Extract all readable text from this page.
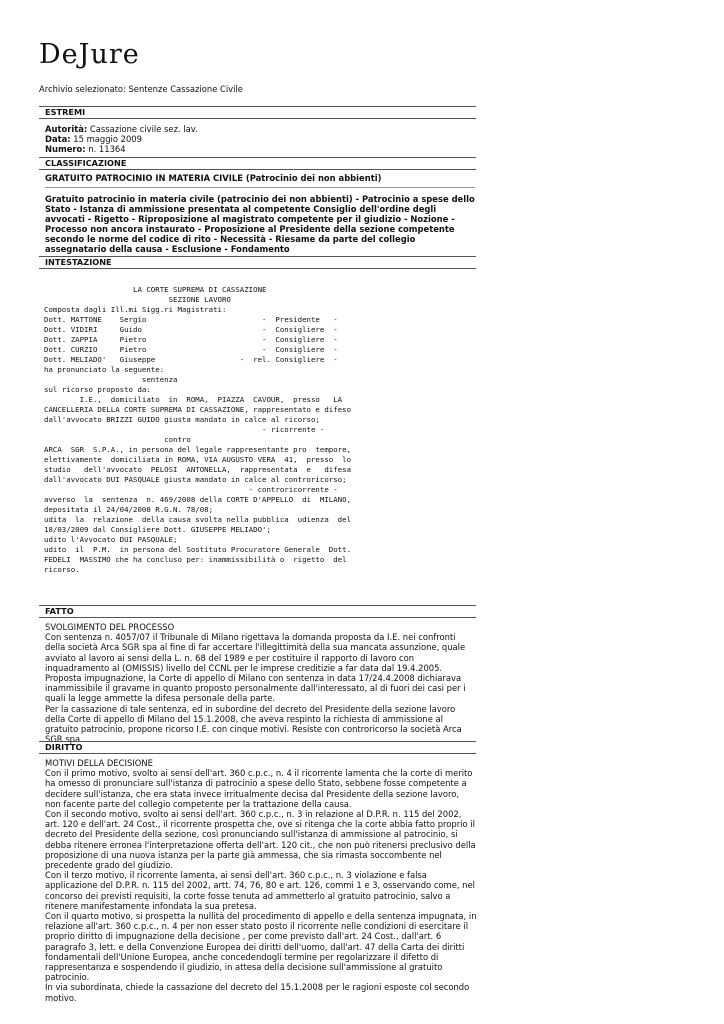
DeJure
Archivio selezionato: Sentenze Cassazione Civile
ESTREMI
Autorità: Cassazione civile sez. lav.
Data: 15 maggio 2009
Numero: n. 11364
CLASSIFICAZIONE
GRATUITO PATROCINIO IN MATERIA CIVILE (Patrocinio dei non abbienti)
Gratuito patrocinio in materia civile (patrocinio dei non abbienti) - Patrocinio a spese dello Stato - Istanza di ammissione presentata al competente Consiglio dell'ordine degli avvocati - Rigetto - Riproposizione al magistrato competente per il giudizio - Nozione - Processo non ancora instaurato - Proposizione al Presidente della sezione competente secondo le norme del codice di rito - Necessità - Riesame da parte del collegio assegnatario della causa - Esclusione - Fondamento
INTESTAZIONE
LA CORTE SUPREMA DI CASSAZIONE
SEZIONE LAVORO
Composta dagli Ill.mi Sigg.ri Magistrati:
Dott. MATTONE    Sergio                          -  Presidente   -
Dott. VIDIRI     Guido                           -  Consigliere  -
Dott. ZAPPIA     Pietro                          -  Consigliere  -
Dott. CURZIO     Pietro                          -  Consigliere  -
Dott. MELIADO'   Giuseppe                   -  rel. Consigliere  -
ha pronunciato la seguente:
sentenza
sul ricorso proposto da:
I.E.,  domiciliato  in  ROMA,  PIAZZA  CAVOUR,  presso   LA
CANCELLERIA DELLA CORTE SUPREMA DI CASSAZIONE, rappresentato e difeso
dall'avvocato BRIZZI GUIDO giusta mandato in calce al ricorso;
- ricorrente -
contro
ARCA  SGR  S.P.A., in persona del legale rappresentante pro  tempore,
elettivamente  domiciliata in ROMA, VIA AUGUSTO VERA  41,  presso  lo
studio   dell'avvocato  PELOSI  ANTONELLA,  rappresentata  e   difesa
dall'avvocato DUI PASQUALE giusta mandato in calce al controricorso;
- controricorrente -
avverso  la  sentenza  n. 469/2008 della CORTE D'APPELLO  di  MILANO,
depositata il 24/04/2008 R.G.N. 78/08;
udita  la  relazione  della causa svolta nella pubblica  udienza  del
18/03/2009 dal Consigliere Dott. GIUSEPPE MELIADO';
udito l'Avvocato DUI PASQUALE;
udito  il  P.M.  in persona del Sostituto Procuratore Generale  Dott.
FEDELI  MASSIMO che ha concluso per: inammissibilità o  rigetto  del
ricorso.
FATTO

SVOLGIMENTO DEL PROCESSO

Con sentenza n. 4057/07 il Tribunale di Milano rigettava la domanda proposta da I.E. nei confronti della società Arca SGR spa al fine di far accertare l'illegittimità della sua mancata assunzione, quale avviato al lavoro ai sensi della L. n. 68 del 1989 e per costituire il rapporto di lavoro con inquadramento al (OMISSIS) livello del CCNL per le imprese creditizie a far data dal 19.4.2005.

Proposta impugnazione, la Corte di appello di Milano con sentenza in data 17/24.4.2008 dichiarava inammissibile il gravame in quanto proposto personalmente dall'interessato, al di fuori dei casi per i quali la legge ammette la difesa personale della parte.

Per la cassazione di tale sentenza, ed in subordine del decreto del Presidente della sezione lavoro della Corte di appello di Milano del 15.1.2008, che aveva respinto la richiesta di ammissione al gratuito patrocinio, propone ricorso I.E. con cinque motivi. Resiste con controricorso la società Arca SGR spa.

DIRITTO

MOTIVI DELLA DECISIONE

Con il primo motivo, svolto ai sensi dell'art. 360 c.p.c., n. 4 il ricorrente lamenta che la corte di merito ha omesso di pronunciare sull'istanza di patrocinio a spese dello Stato, sebbene fosse competente a decidere sull'istanza, che era stata invece irritualmente decisa dal Presidente della sezione lavoro, non facente parte del collegio competente per la trattazione della causa.

Con il secondo motivo, svolto ai sensi dell'art. 360 c.p.c., n. 3 in relazione al D.P.R. n. 115 del 2002, art. 120 e dell'art. 24 Cost., il ricorrente prospetta che, ove si ritenga che la corte abbia fatto proprio il decreto del Presidente della sezione, così pronunciando sull'istanza di ammissione al patrocinio, si debba ritenere erronea l'interpretazione offerta dell'art. 120 cit., che non può ritenersi preclusivo della proposizione di una nuova istanza per la parte già ammessa, che sia rimasta soccombente nel precedente grado del giudizio.

Con il terzo motivo, il ricorrente lamenta, ai sensi dell'art. 360 c.p.c., n. 3 violazione e falsa applicazione del D.P.R. n. 115 del 2002, artt. 74, 76, 80 e art. 126, commi 1 e 3, osservando come, nel concorso dei previsti requisiti, la corte fosse tenuta ad ammetterlo al gratuito patrocinio, salvo a ritenere manifestamente infondata la sua pretesa.

Con il quarto motivo, si prospetta la nullità del procedimento di appello e della sentenza impugnata, in relazione all'art. 360 c.p.c., n. 4 per non esser stato posto il ricorrente nelle condizioni di esercitare il proprio diritto di impugnazione della decisione , per come previsto dall'art. 24 Cost., dall'art. 6 paragrafo 3, lett. e della Convenzione Europea dei diritti dell'uomo, dall'art. 47 della Carta dei diritti fondamentali dell'Unione Europea, anche concedendogli termine per regolarizzare il difetto di rappresentanza e sospendendo il giudizio, in attesa della decisione sull'ammissione al gratuito patrocinio.

In via subordinata, chiede la cassazione del decreto del 15.1.2008 per le ragioni esposte col secondo motivo.
